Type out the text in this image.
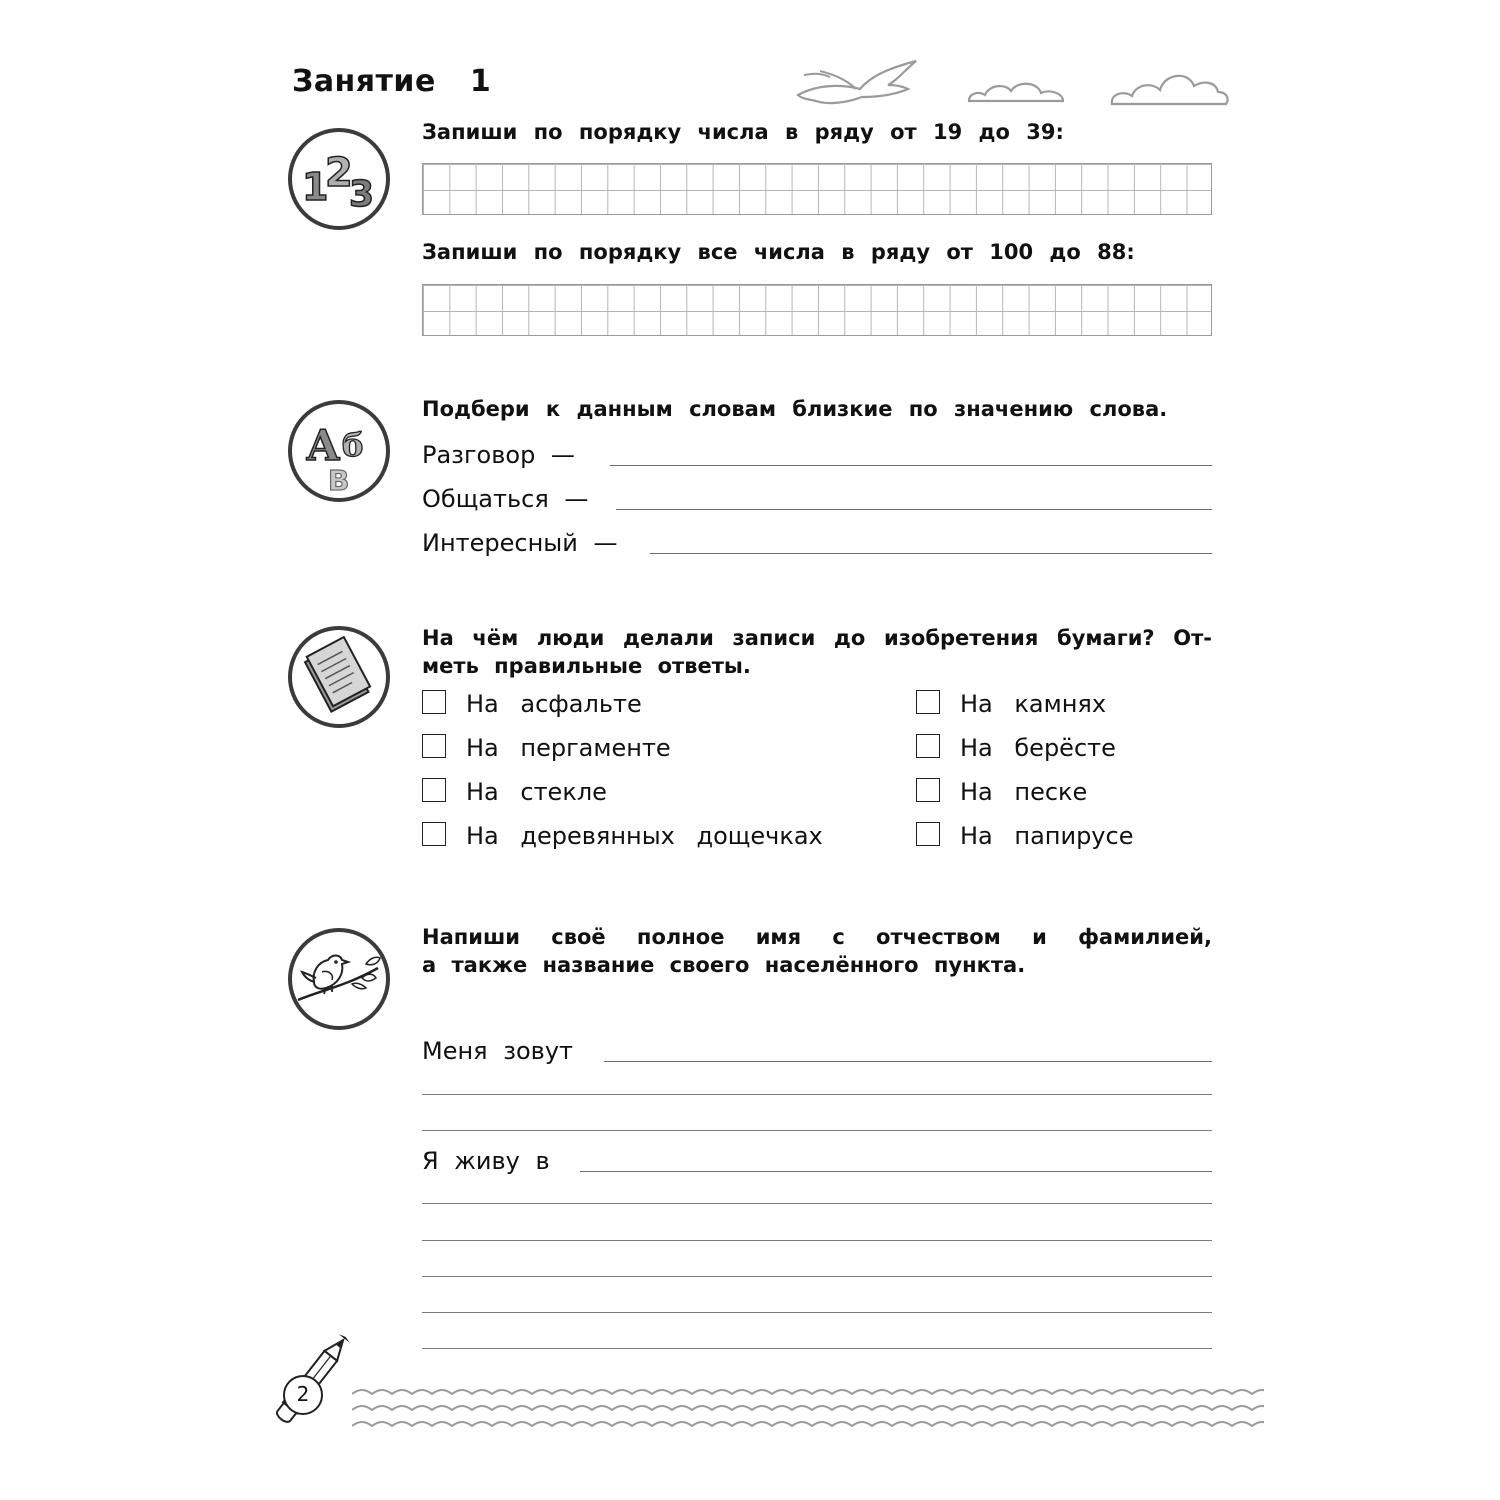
Занятие 1
1
2
3
Запиши по порядку числа в ряду от 19 до 39:
Запиши по порядку все числа в ряду от 100 до 88:
А б
В
Подбери к данным словам близкие по значению слова.
Разговор —
Общаться —
Интересный —
На чём люди делали записи до изобретения бумаги? От-
меть правильные ответы.
На асфальте
На пергаменте
На стекле
На деревянных дощечках
На камнях
На берёсте
На песке
На папирусе
Напиши своё полное имя с отчеством и фамилией,
а также название своего населённого пункта.
Меня зовут
Я живу в
2
